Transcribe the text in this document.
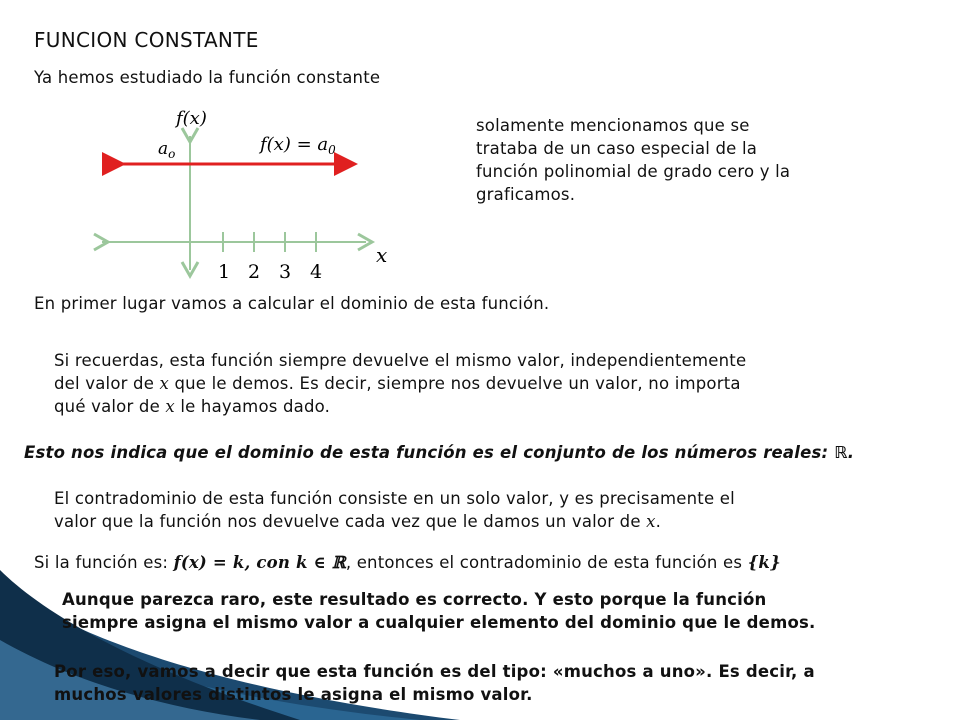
FUNCION CONSTANTE
Ya hemos estudiado la función constante
f(x)
x
$a_o$	$f(x) = a_0$
1 2 3 4
solamente mencionamos que se
trataba de un caso especial de la
función polinomial de grado cero y la
graficamos.
En primer lugar vamos a calcular el dominio de esta función.
Si recuerdas, esta función siempre devuelve el mismo valor, independientemente
del valor de x que le demos. Es decir, siempre nos devuelve un valor, no importa
qué valor de x le hayamos dado.
Esto nos indica que el dominio de esta función es el conjunto de los números reales: ℝ.
El contradominio de esta función consiste en un solo valor, y es precisamente el
valor que la función nos devuelve cada vez que le damos un valor de x.
Si la función es: f(x) = k, con k ∈ ℝ, entonces el contradominio de esta función es {k}
Aunque parezca raro, este resultado es correcto. Y esto porque la función
siempre asigna el mismo valor a cualquier elemento del dominio que le demos.
Por eso, vamos a decir que esta función es del tipo: «muchos a uno». Es decir, a
muchos valores distintos le asigna el mismo valor.
